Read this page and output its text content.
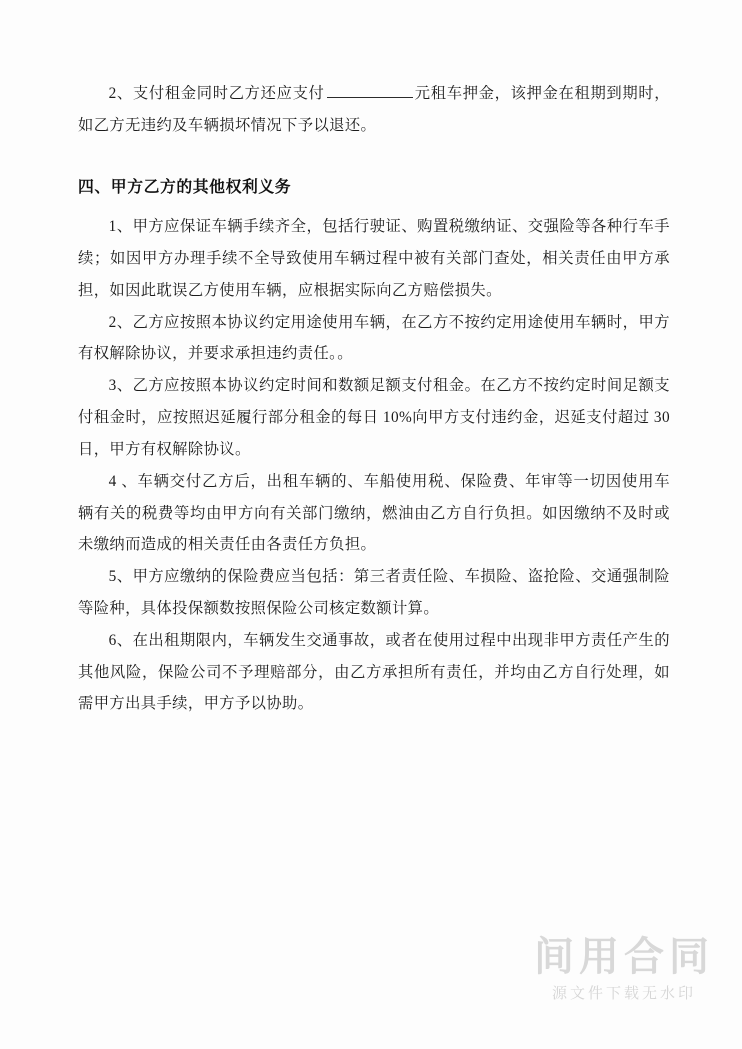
2、支付租金同时乙方还应支付	元租车押金，该押金在租期到期时，如乙方无违约及车辆损坏情况下予以退还。

四、甲方乙方的其他权利义务

1、甲方应保证车辆手续齐全，包括行驶证、购置税缴纳证、交强险等各种行车手续；如因甲方办理手续不全导致使用车辆过程中被有关部门查处，相关责任由甲方承担，如因此耽误乙方使用车辆，应根据实际向乙方赔偿损失。

2、乙方应按照本协议约定用途使用车辆，在乙方不按约定用途使用车辆时，甲方有权解除协议，并要求承担违约责任。。

3、乙方应按照本协议约定时间和数额足额支付租金。在乙方不按约定时间足额支付租金时，应按照迟延履行部分租金的每日 10%向甲方支付违约金，迟延支付超过 30 日，甲方有权解除协议。

4 、车辆交付乙方后，出租车辆的、车船使用税、保险费、年审等一切因使用车辆有关的税费等均由甲方向有关部门缴纳，燃油由乙方自行负担。如因缴纳不及时或未缴纳而造成的相关责任由各责任方负担。

5、甲方应缴纳的保险费应当包括：第三者责任险、车损险、盗抢险、交通强制险等险种，具体投保额数按照保险公司核定数额计算。

6、在出租期限内，车辆发生交通事故，或者在使用过程中出现非甲方责任产生的其他风险，保险公司不予理赔部分，由乙方承担所有责任，并均由乙方自行处理，如需甲方出具手续，甲方予以协助。

间用合同
源文件下载无水印
